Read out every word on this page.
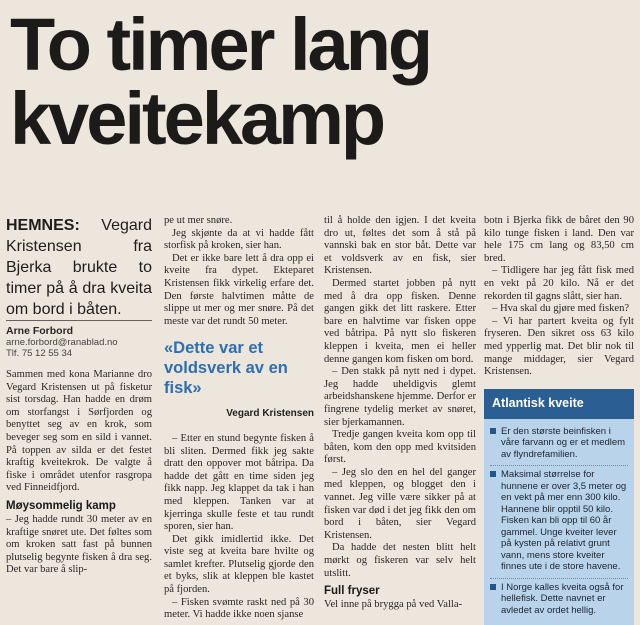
To timer lang
kveitekamp

HEMNES: Vegard Kristensen fra Bjerka brukte to timer på å dra kveita om bord i båten.

Arne Forbord
arne.forbord@ranablad.no
Tlf. 75 12 55 34

Sammen med kona Marianne dro Vegard Kristensen ut på fisketur sist torsdag. Han hadde en drøm om storfangst i Sørfjorden og benyttet seg av en krok, som beveger seg som en sild i vannet. På toppen av silda er det festet kraftig kveitekrok. De valgte å fiske i området utenfor rasgropa ved Finneidfjord.

Møysommelig kamp

– Jeg hadde rundt 30 meter av en kraftige snøret ute. Det føltes som om kroken satt fast på bunnen plutselig begynte fisken å dra seg. Det var bare å slip-

pe ut mer snøre.

Jeg skjønte da at vi hadde fått storfisk på kroken, sier han.

Det er ikke bare lett å dra opp ei kveite fra dypet. Ekteparet Kristensen fikk virkelig erfare det. Den første halvtimen måtte de slippe ut mer og mer snøre. På det meste var det rundt 50 meter.

«Dette var et voldsverk av en fisk»
Vegard Kristensen

– Etter en stund begynte fisken å bli sliten. Dermed fikk jeg sakte dratt den oppover mot båtripa. Da hadde det gått en time siden jeg fikk napp. Jeg klappet da tak i han med kleppen. Tanken var at kjerringa skulle feste et tau rundt sporen, sier han.

Det gikk imidlertid ikke. Det viste seg at kveita bare hvilte og samlet krefter. Plutselig gjorde den et byks, slik at kleppen ble kastet på fjorden.

– Fisken svømte raskt ned på 30 meter. Vi hadde ikke noen sjanse

til å holde den igjen. I det kveita dro ut, føltes det som å stå på vannski bak en stor båt. Dette var et voldsverk av en fisk, sier Kristensen.

Dermed startet jobben på nytt med å dra opp fisken. Denne gangen gikk det litt raskere. Etter bare en halvtime var fisken oppe ved båtripa. På nytt slo fiskeren kleppen i kveita, men ei heller denne gangen kom fisken om bord.

– Den stakk på nytt ned i dypet. Jeg hadde uheldigvis glemt arbeidshanskene hjemme. Derfor er fingrene tydelig merket av snøret, sier bjerkamannen.

Tredje gangen kveita kom opp til båten, kom den opp med kvitsiden først.

– Jeg slo den en hel del ganger med kleppen, og blogget den i vannet. Jeg ville være sikker på at fisken var død i det jeg fikk den om bord i båten, sier Vegard Kristensen.

Da hadde det nesten blitt helt mørkt og fiskeren var selv helt utslitt.

Full fryser

Vel inne på brygga på ved Valla-

botn i Bjerka fikk de båret den 90 kilo tunge fisken i land. Den var hele 175 cm lang og 83,50 cm bred.

– Tidligere har jeg fått fisk med en vekt på 20 kilo. Nå er det rekorden til gagns slått, sier han.

– Hva skal du gjøre med fisken?

– Vi har partert kveita og fylt fryseren. Den sikret oss 63 kilo med ypperlig mat. Det blir nok til mange middager, sier Vegard Kristensen.

Atlantisk kveite
Er den største beinfisken i våre farvann og er et medlem av flyndrefamilien.
Maksimal størrelse for hunnene er over 3,5 meter og en vekt på mer enn 300 kilo. Hannene blir opptil 50 kilo. Fisken kan bli opp til 60 år gammel. Unge kveiter lever på kysten på relativt grunt vann, mens store kveiter finnes ute i de store havene.
I Norge kalles kveita også for hellefisk. Dette navnet er avledet av ordet hellig.
